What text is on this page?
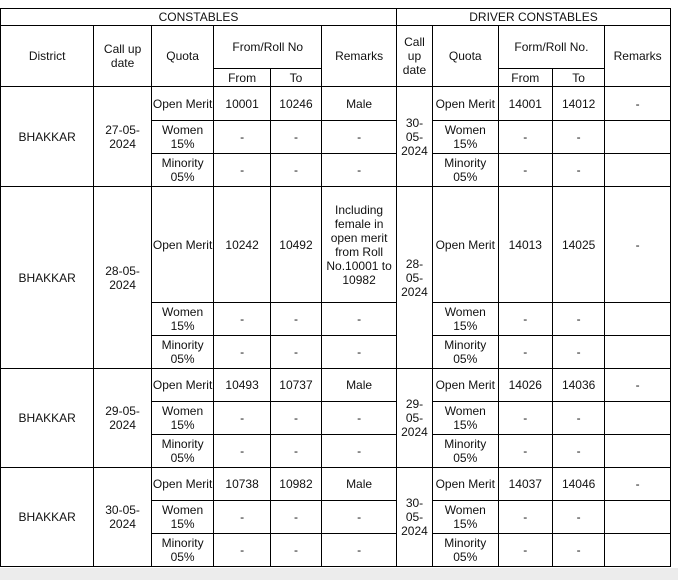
CONSTABLES						DRIVER CONSTABLES				
District	Call up date	Quota	From/Roll No		Remarks	Call up date	Quota	Form/Roll No.		Remarks
			From	To				From	To	
BHAKKAR	27-05-2024	Open Merit	10001	10246	Male	30-05-2024	Open Merit	14001	14012	-
		Women 15%	-	-	-		Women 15%	-	-	
		Minority 05%	-	-	-		Minority 05%	-	-	
BHAKKAR	28-05-2024	Open Merit	10242	10492	Including female in open merit from Roll No.10001 to 10982	28-05-2024	Open Merit	14013	14025	-
		Women 15%	-	-	-		Women 15%	-	-	
		Minority 05%	-	-	-		Minority 05%	-	-	
BHAKKAR	29-05-2024	Open Merit	10493	10737	Male	29-05-2024	Open Merit	14026	14036	-
		Women 15%	-	-	-		Women 15%	-	-	
		Minority 05%	-	-	-		Minority 05%	-	-	
BHAKKAR	30-05-2024	Open Merit	10738	10982	Male	30-05-2024	Open Merit	14037	14046	-
		Women 15%	-	-	-		Women 15%	-	-	
		Minority 05%	-	-	-		Minority 05%	-	-	
